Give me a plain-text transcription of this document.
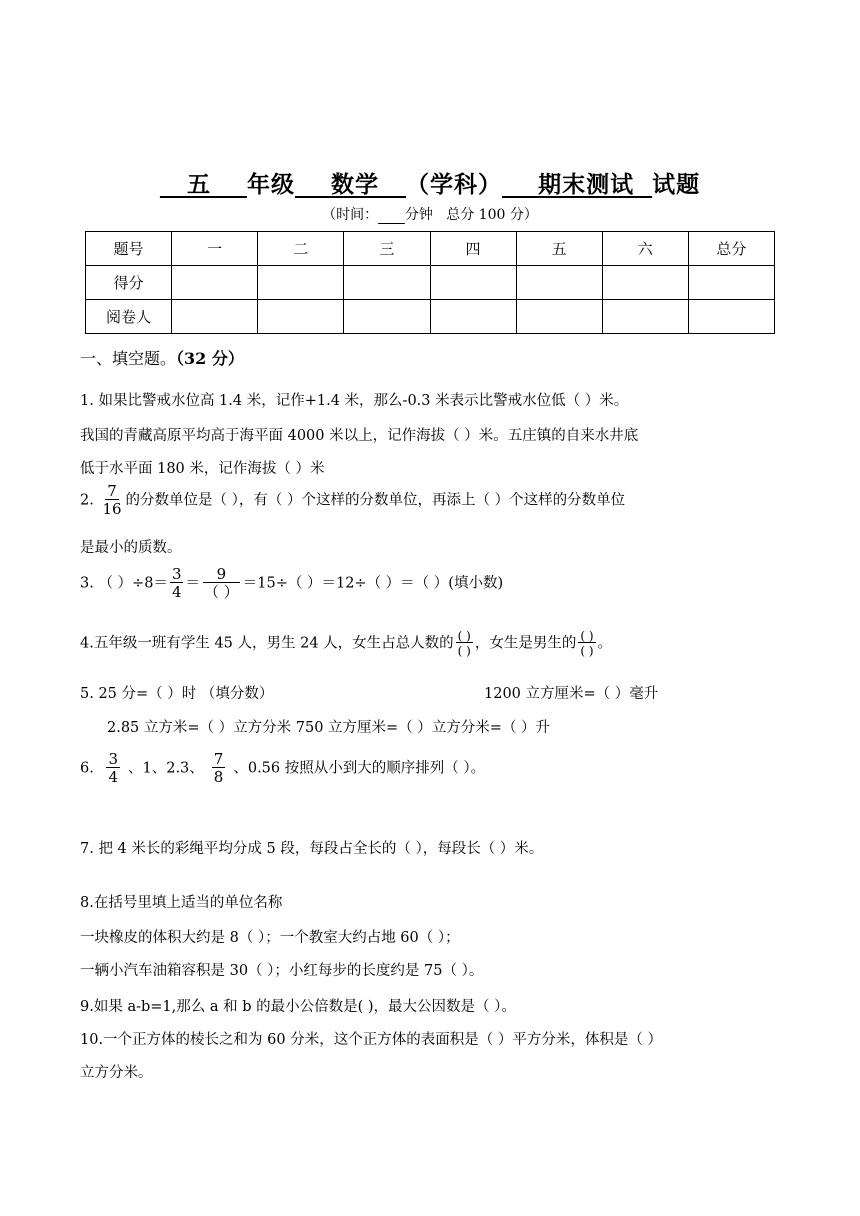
五 年级 数学 （学科） 期末测试 试题
（时间： 分钟   总分 100 分）
题号	一	二	三	四	五	六	总分
得分							
阅卷人							
一、填空题。（32 分）
1. 如果比警戒水位高 1.4 米，记作+1.4 米，那么-0.3 米表示比警戒水位低（ ）米。
我国的青藏高原平均高于海平面 4000 米以上，记作海拔（ ）米。五庄镇的自来水井底
低于水平面 180 米，记作海拔（ ）米
2. $\frac{7}{16}$ 的分数单位是（ ），有（ ）个这样的分数单位，再添上（ ）个这样的分数单位
是最小的质数。
3. （ ）$\div 8= \frac{3}{4} = \frac{9}{( )} =15\div$（ ）＝12÷（ ）＝（ ）(填小数)
4.五年级一班有学生 45 人，男生 24 人，女生占总人数的 $\frac{( )}{( )}$ ，女生是男生的 $\frac{( )}{( )}$ 。
5. 25 分=（ ）时 （填分数）	1200 立方厘米=（ ）毫升
2.85 立方米=（ ）立方分米 750 立方厘米=（ ）立方分米=（ ）升
6. $\frac{3}{4}$ 、1、2.3、 $\frac{7}{8}$ 、0.56 按照从小到大的顺序排列（ ）。
7. 把 4 米长的彩绳平均分成 5 段，每段占全长的（ ），每段长（ ）米。
8.在括号里填上适当的单位名称
一块橡皮的体积大约是 8（ ）；一个教室大约占地 60（ ）；
一辆小汽车油箱容积是 30（ ）；小红每步的长度约是 75（ ）。
9.如果 a-b=1,那么 a 和 b 的最小公倍数是( )，最大公因数是（ ）。
10.一个正方体的棱长之和为 60 分米，这个正方体的表面积是（ ）平方分米，体积是（ ）
立方分米。
